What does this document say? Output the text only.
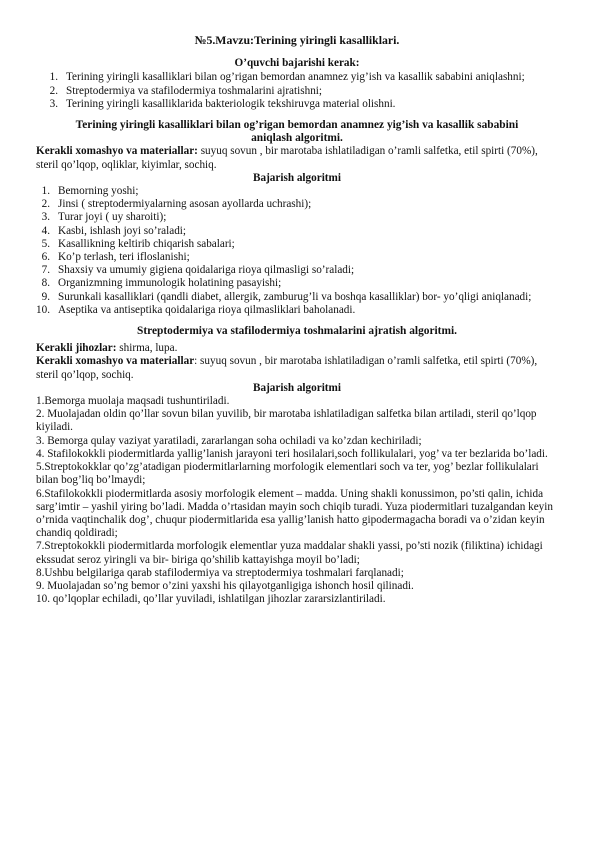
№5.Mavzu:Terining yiringli kasalliklari.
O’quvchi bajarishi kerak:
1. Terining yiringli kasalliklari bilan og’rigan bemordan anamnez yig’ish va kasallik sababini aniqlashni;
2. Streptodermiya va stafilodermiya toshmalarini ajratishni;
3. Terining yiringli kasalliklarida bakteriologik tekshiruvga material olishni.
Terining yiringli kasalliklari bilan og’rigan bemordan anamnez yig’ish va kasallik sababini aniqlash algoritmi.

Kerakli xomashyo va materiallar: suyuq sovun , bir marotaba ishlatiladigan o’ramli salfetka, etil spirti (70%), steril qo’lqop, oqliklar, kiyimlar, sochiq.

Bajarish algoritmi
1. Bemorning yoshi;
2. Jinsi ( streptodermiyalarning asosan ayollarda uchrashi);
3. Turar joyi ( uy sharoiti);
4. Kasbi, ishlash joyi so’raladi;
5. Kasallikning keltirib chiqarish sabalari;
6. Ko’p terlash, teri ifloslanishi;
7. Shaxsiy va umumiy gigiena qoidalariga rioya qilmasligi so’raladi;
8. Organizmning immunologik holatining pasayishi;
9. Surunkali kasalliklari (qandli diabet, allergik, zamburug’li va boshqa kasalliklar) bor- yo’qligi aniqlanadi;
10. Aseptika va antiseptika qoidalariga rioya qilmasliklari baholanadi.
Streptodermiya va stafilodermiya toshmalarini ajratish algoritmi.

Kerakli jihozlar: shirma, lupa.

Kerakli xomashyo va materiallar: suyuq sovun , bir marotaba ishlatiladigan o’ramli salfetka, etil spirti (70%), steril qo’lqop, sochiq.

Bajarish algoritmi

1.Bemorga muolaja maqsadi tushuntiriladi.

2. Muolajadan oldin qo’llar sovun bilan yuvilib, bir marotaba ishlatiladigan salfetka bilan artiladi, steril qo’lqop kiyiladi.

3. Bemorga qulay vaziyat yaratiladi, zararlangan soha ochiladi va ko’zdan kechiriladi;

4. Stafilokokkli piodermitlarda yallig’lanish jarayoni teri hosilalari,soch follikulalari, yog’ va ter bezlarida bo’ladi.

5.Streptokokklar qo’zg’atadigan piodermitlarlarning morfologik elementlari soch va ter, yog’ bezlar follikulalari bilan bog’liq bo’lmaydi;

6.Stafilokokkli piodermitlarda asosiy morfologik element – madda. Uning shakli konussimon, po’sti qalin, ichida sarg’imtir – yashil yiring bo’ladi. Madda o’rtasidan mayin soch chiqib turadi. Yuza piodermitlari tuzalgandan keyin o’rnida vaqtinchalik dog’, chuqur piodermitlarida esa yallig’lanish hatto gipodermagacha boradi va o’zidan keyin chandiq qoldiradi;

7.Streptokokkli piodermitlarda morfologik elementlar yuza maddalar shakli yassi, po’sti nozik (filiktina) ichidagi ekssudat seroz yiringli va bir- biriga qo’shilib kattayishga moyil bo’ladi;

8.Ushbu belgilariga qarab stafilodermiya va streptodermiya toshmalari farqlanadi;

9. Muolajadan so’ng bemor o’zini yaxshi his qilayotganligiga ishonch hosil qilinadi.

10. qo’lqoplar echiladi, qo’llar yuviladi, ishlatilgan jihozlar zararsizlantiriladi.
